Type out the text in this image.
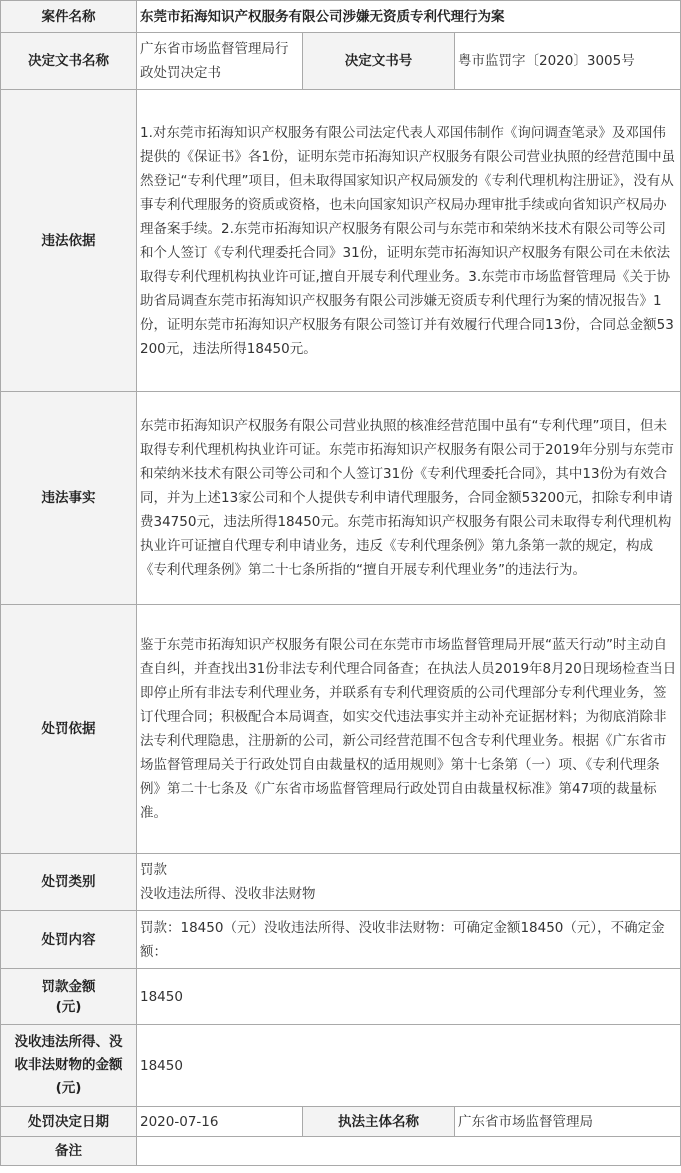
案件名称	东莞市拓海知识产权服务有限公司涉嫌无资质专利代理行为案		
决定文书名称	广东省市场监督管理局行政处罚决定书	决定文书号	粤市监罚字〔2020〕3005号
违法依据	1.对东莞市拓海知识产权服务有限公司法定代表人邓国伟制作《询问调查笔录》及邓国伟提供的《保证书》各1份，证明东莞市拓海知识产权服务有限公司营业执照的经营范围中虽然登记“专利代理”项目，但未取得国家知识产权局颁发的《专利代理机构注册证》，没有从事专利代理服务的资质或资格，也未向国家知识产权局办理审批手续或向省知识产权局办理备案手续。2.东莞市拓海知识产权服务有限公司与东莞市和荣纳米技术有限公司等公司和个人签订《专利代理委托合同》31份，证明东莞市拓海知识产权服务有限公司在未依法取得专利代理机构执业许可证,擅自开展专利代理业务。3.东莞市市场监督管理局《关于协助省局调查东莞市拓海知识产权服务有限公司涉嫌无资质专利代理行为案的情况报告》1份，证明东莞市拓海知识产权服务有限公司签订并有效履行代理合同13份，合同总金额53200元，违法所得18450元。		
违法事实	东莞市拓海知识产权服务有限公司营业执照的核准经营范围中虽有“专利代理”项目，但未取得专利代理机构执业许可证。东莞市拓海知识产权服务有限公司于2019年分别与东莞市和荣纳米技术有限公司等公司和个人签订31份《专利代理委托合同》，其中13份为有效合同，并为上述13家公司和个人提供专利申请代理服务，合同金额53200元，扣除专利申请费34750元，违法所得18450元。东莞市拓海知识产权服务有限公司未取得专利代理机构执业许可证擅自代理专利申请业务，违反《专利代理条例》第九条第一款的规定，构成《专利代理条例》第二十七条所指的“擅自开展专利代理业务”的违法行为。		
处罚依据	鉴于东莞市拓海知识产权服务有限公司在东莞市市场监督管理局开展“蓝天行动”时主动自查自纠，并查找出31份非法专利代理合同备查；在执法人员2019年8月20日现场检查当日即停止所有非法专利代理业务，并联系有专利代理资质的公司代理部分专利代理业务，签订代理合同；积极配合本局调查，如实交代违法事实并主动补充证据材料；为彻底消除非法专利代理隐患，注册新的公司，新公司经营范围不包含专利代理业务。根据《广东省市场监督管理局关于行政处罚自由裁量权的适用规则》第十七条第（一）项、《专利代理条例》第二十七条及《广东省市场监督管理局行政处罚自由裁量权标准》第47项的裁量标准。		
处罚类别	罚款
没收违法所得、没收非法财物		

处罚内容	罚款：18450（元）没收违法所得、没收非法财物：可确定金额18450（元），不确定金额：		

罚款金额
(元)	18450		

没收违法所得、没
收非法财物的金额
(元)	18450		
处罚决定日期	2020-07-16	执法主体名称	广东省市场监督管理局
备注			
